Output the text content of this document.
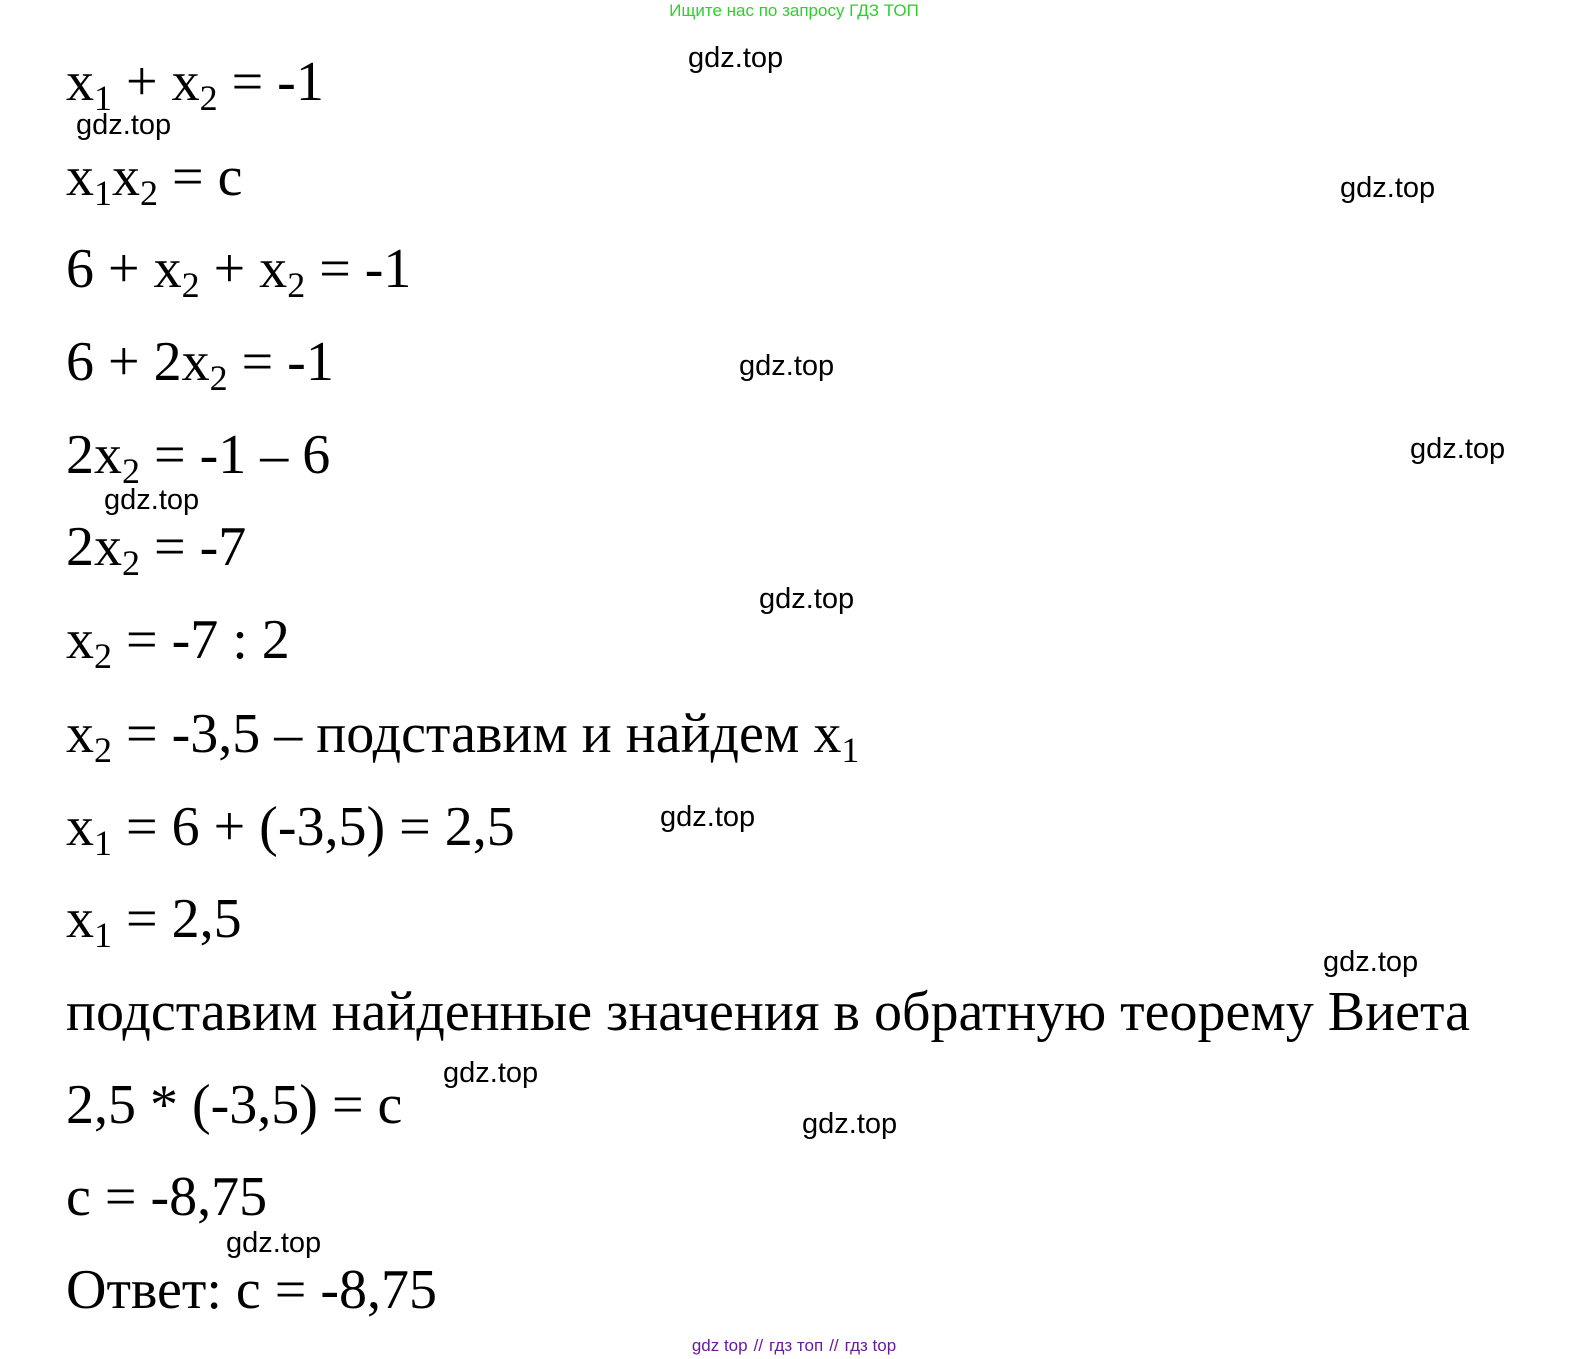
Ищите нас по запросу ГДЗ ТОП
$x_1 + x_2 = -1$
$x_1x_2 = c$
$6 + x_2 + x_2 = -1$
$6 + 2x_2 = -1$
$2x_2 = -1 - 6$
$2x_2 = -7$
$x_2 = -7$ : 2
$x_2 = -3,5$ – подставим и найдем $x_1$
$x_1 = 6 + (-3,5) = 2,5$
$x_1 = 2,5$
подставим найденные значения в обратную теорему Виета
2,5 * (-3,5) = c
c = -8,75
Ответ: c = -8,75
gdz.top
gdz.top
gdz.top
gdz.top
gdz.top
gdz.top
gdz.top
gdz.top
gdz.top
gdz.top
gdz.top
gdz.top
gdz top // гдз топ // гдз top
